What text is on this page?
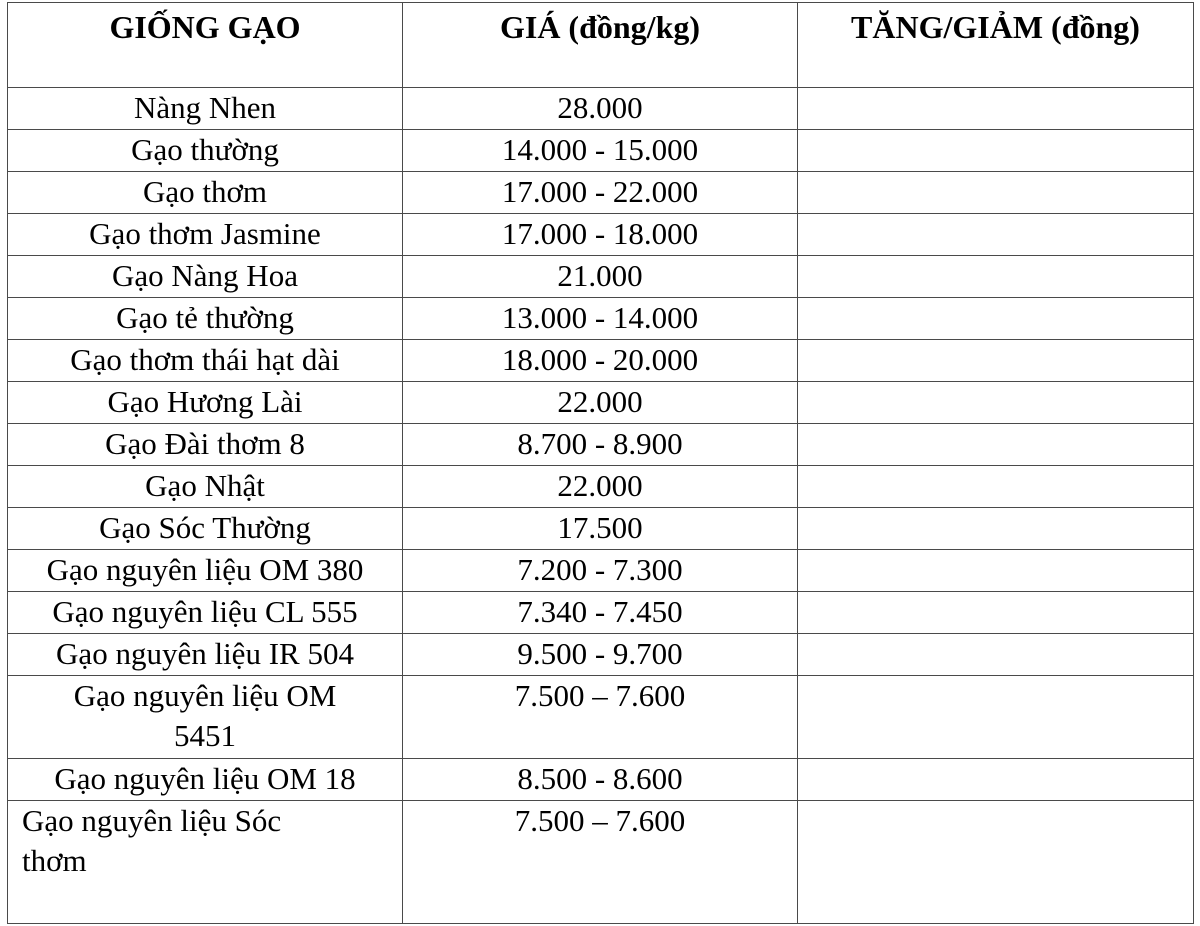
GIỐNG GẠO	GIÁ (đồng/kg)	TĂNG/GIẢM (đồng)
Nàng Nhen	28.000	
Gạo thường	14.000 - 15.000	
Gạo thơm	17.000 - 22.000	
Gạo thơm Jasmine	17.000 - 18.000	
Gạo Nàng Hoa	21.000	
Gạo tẻ thường	13.000 - 14.000	
Gạo thơm thái hạt dài	18.000 - 20.000	
Gạo Hương Lài	22.000	
Gạo Đài thơm 8	8.700 - 8.900	
Gạo Nhật	22.000	
Gạo Sóc Thường	17.500	
Gạo nguyên liệu OM 380	7.200 - 7.300	
Gạo nguyên liệu CL 555	7.340 - 7.450	
Gạo nguyên liệu IR 504	9.500 - 9.700	
Gạo nguyên liệu OM 5451	7.500 – 7.600	
Gạo nguyên liệu OM 18	8.500 - 8.600	
Gạo nguyên liệu Sóc thơm	7.500 – 7.600	
